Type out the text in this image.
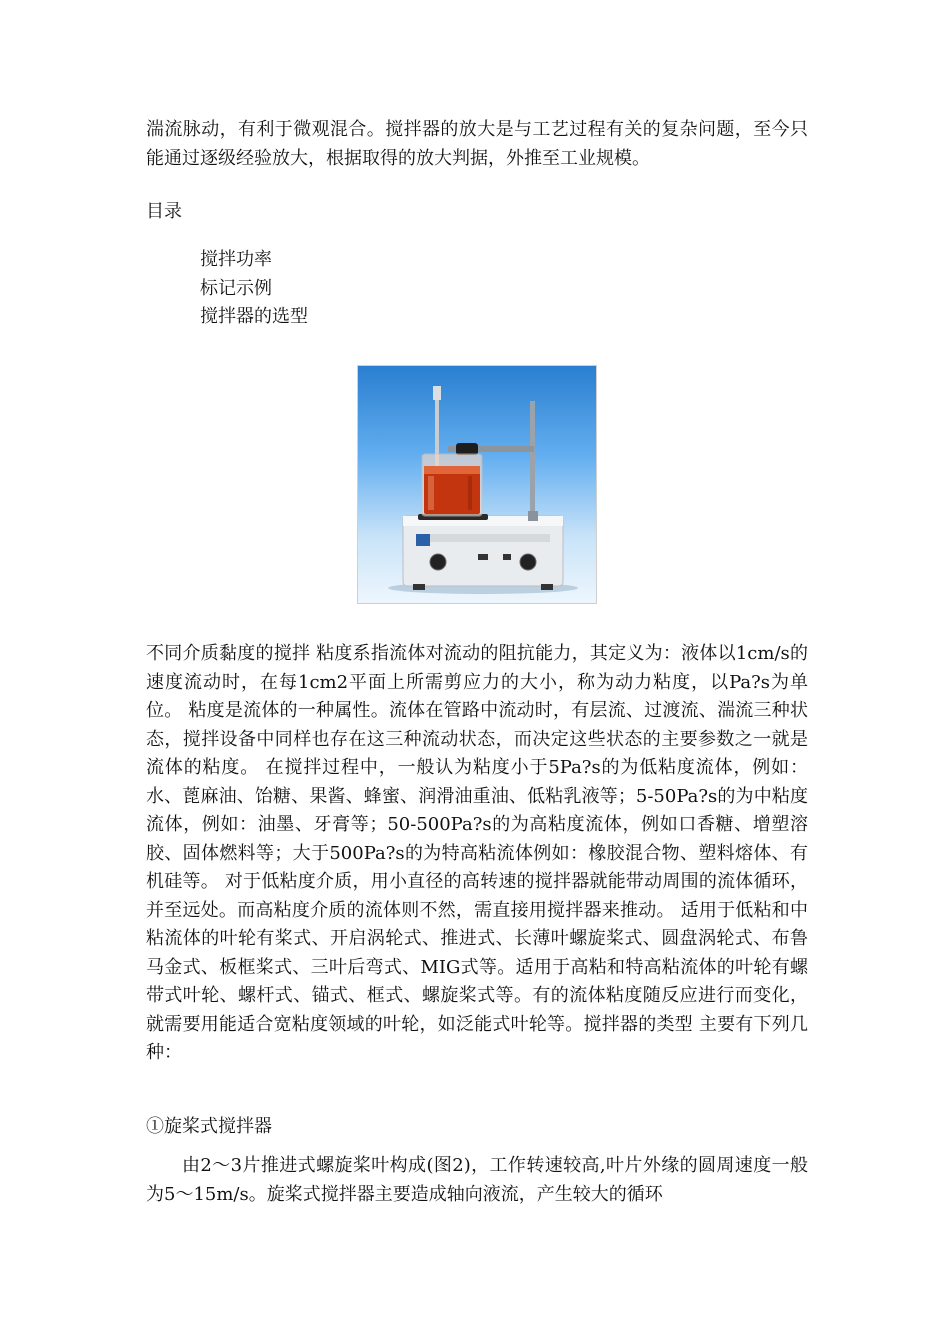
湍流脉动，有利于微观混合。搅拌器的放大是与工艺过程有关的复杂问题，至今只能通过逐级经验放大，根据取得的放大判据，外推至工业规模。

目录

搅拌功率
标记示例
搅拌器的选型

不同介质黏度的搅拌 粘度系指流体对流动的阻抗能力，其定义为：液体以1cm/s的速度流动时，在每1cm2平面上所需剪应力的大小，称为动力粘度，以Pa?s为单位。 粘度是流体的一种属性。流体在管路中流动时，有层流、过渡流、湍流三种状态，搅拌设备中同样也存在这三种流动状态，而决定这些状态的主要参数之一就是流体的粘度。 在搅拌过程中，一般认为粘度小于5Pa?s的为低粘度流体，例如：水、蓖麻油、饴糖、果酱、蜂蜜、润滑油重油、低粘乳液等；5-50Pa?s的为中粘度流体，例如：油墨、牙膏等；50-500Pa?s的为高粘度流体，例如口香糖、增塑溶胶、固体燃料等；大于500Pa?s的为特高粘流体例如：橡胶混合物、塑料熔体、有机硅等。 对于低粘度介质，用小直径的高转速的搅拌器就能带动周围的流体循环，并至远处。而高粘度介质的流体则不然，需直接用搅拌器来推动。 适用于低粘和中粘流体的叶轮有桨式、开启涡轮式、推进式、长薄叶螺旋桨式、圆盘涡轮式、布鲁马金式、板框桨式、三叶后弯式、MIG式等。适用于高粘和特高粘流体的叶轮有螺带式叶轮、螺杆式、锚式、框式、螺旋桨式等。有的流体粘度随反应进行而变化，就需要用能适合宽粘度领域的叶轮，如泛能式叶轮等。搅拌器的类型 主要有下列几种：

①旋桨式搅拌器

由2～3片推进式螺旋桨叶构成(图2)，工作转速较高,叶片外缘的圆周速度一般为5～15m/s。旋桨式搅拌器主要造成轴向液流，产生较大的循环
